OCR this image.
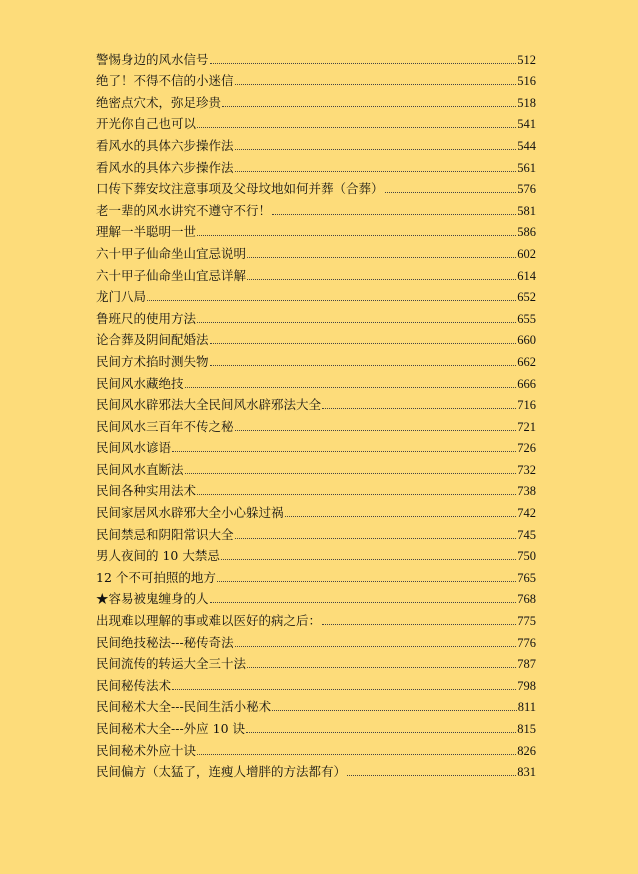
警惕身边的风水信号	512
绝了！不得不信的小迷信	516
绝密点穴术，弥足珍贵	518
开光你自己也可以	541
看风水的具体六步操作法	544
看风水的具体六步操作法	561
口传下葬安坟注意事项及父母坟地如何并葬（合葬）	576
老一辈的风水讲究不遵守不行！	581
理解一半聪明一世	586
六十甲子仙命坐山宜忌说明	602
六十甲子仙命坐山宜忌详解	614
龙门八局	652
鲁班尺的使用方法	655
论合葬及阴间配婚法	660
民间方术掐时测失物	662
民间风水藏绝技	666
民间风水辟邪法大全民间风水辟邪法大全	716
民间风水三百年不传之秘	721
民间风水谚语	726
民间风水直断法	732
民间各种实用法术	738
民间家居风水辟邪大全小心躲过祸	742
民间禁忌和阴阳常识大全	745
男人夜间的 10 大禁忌	750
12 个不可拍照的地方	765
★容易被鬼缠身的人	768
出现难以理解的事或难以医好的病之后：	775
民间绝技秘法---秘传奇法	776
民间流传的转运大全三十法	787
民间秘传法术	798
民间秘术大全---民间生活小秘术	811
民间秘术大全---外应 10 诀	815
民间秘术外应十诀	826
民间偏方（太猛了，连瘦人增胖的方法都有）	831
